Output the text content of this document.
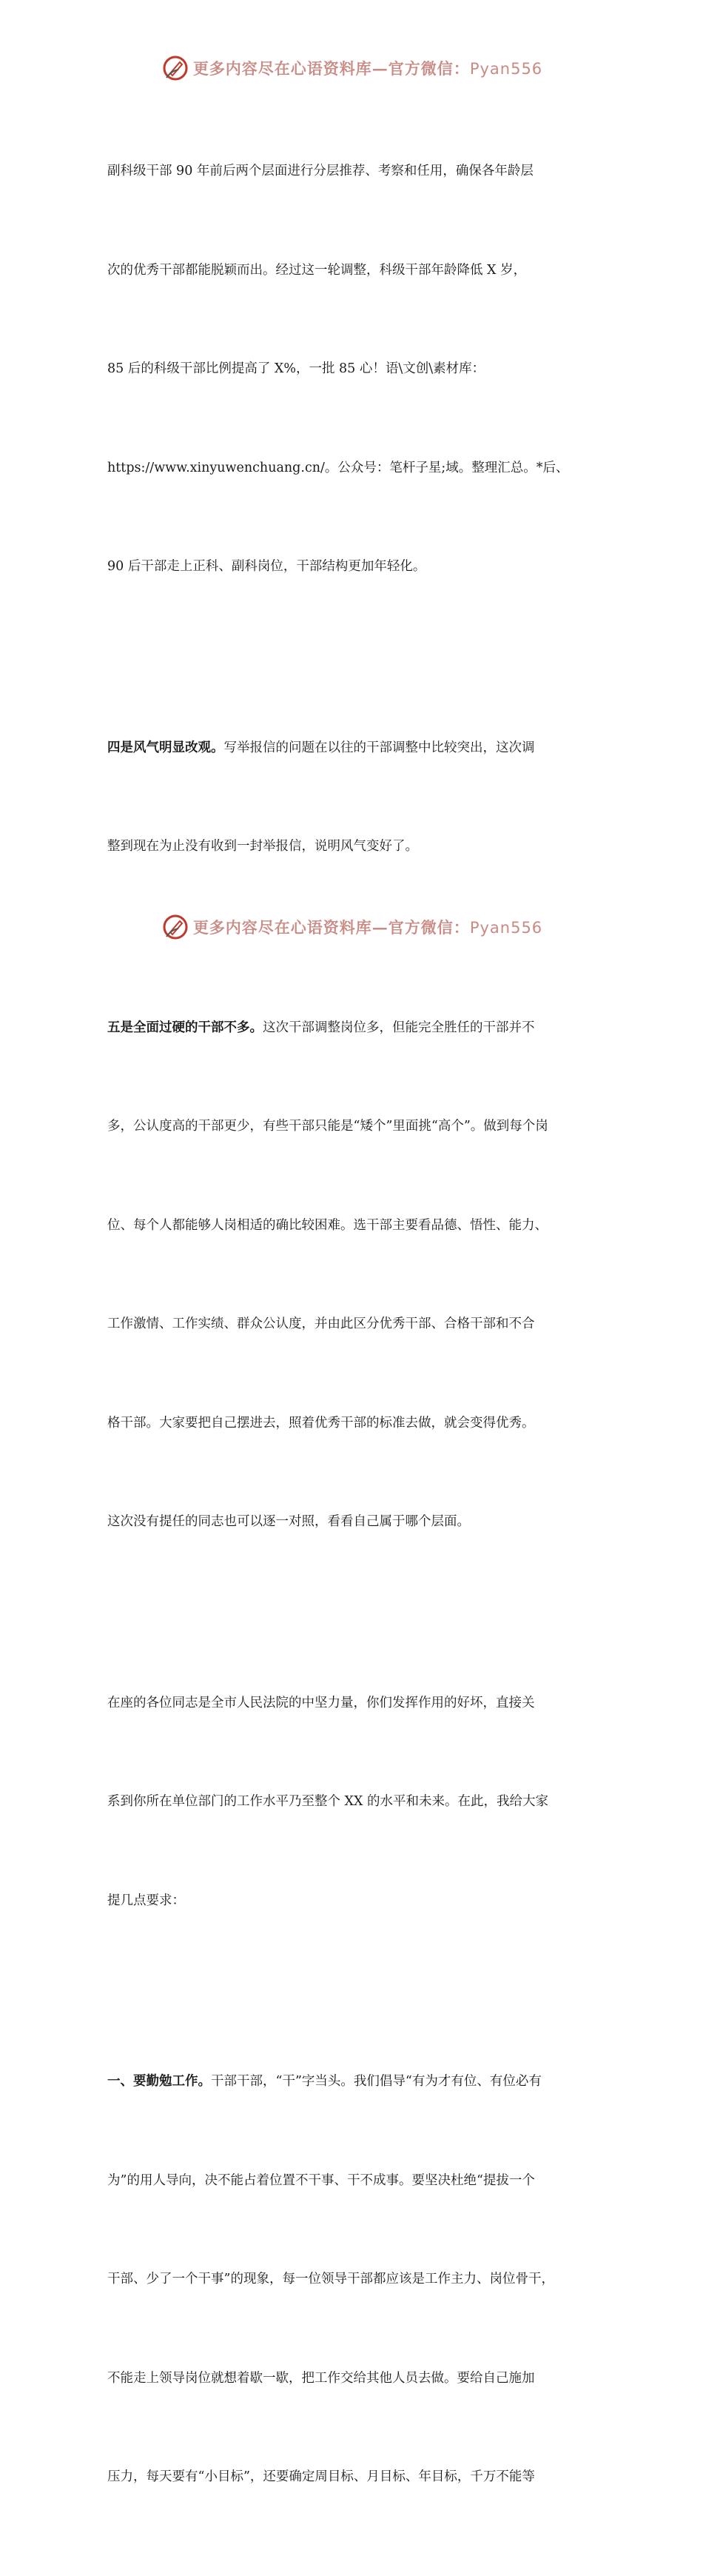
更多内容尽在心语资料库—官方微信：Pyan556

副科级干部 90 年前后两个层面进行分层推荐、考察和任用，确保各年龄层

次的优秀干部都能脱颖而出。经过这一轮调整，科级干部年龄降低 X 岁，

85 后的科级干部比例提高了 X%，一批 85 心！语\文创\素材库：

https://www.xinyuwenchuang.cn/。公众号：笔杆子星;域。整理汇总。*后、

90 后干部走上正科、副科岗位，干部结构更加年轻化。

四是风气明显改观。写举报信的问题在以往的干部调整中比较突出，这次调

整到现在为止没有收到一封举报信，说明风气变好了。

五是全面过硬的干部不多。这次干部调整岗位多，但能完全胜任的干部并不

多，公认度高的干部更少，有些干部只能是“矮个”里面挑“高个”。做到每个岗

位、每个人都能够人岗相适的确比较困难。选干部主要看品德、悟性、能力、

工作激情、工作实绩、群众公认度，并由此区分优秀干部、合格干部和不合

格干部。大家要把自己摆进去，照着优秀干部的标准去做，就会变得优秀。

这次没有提任的同志也可以逐一对照，看看自己属于哪个层面。

在座的各位同志是全市人民法院的中坚力量，你们发挥作用的好坏，直接关

系到你所在单位部门的工作水平乃至整个 XX 的水平和未来。在此，我给大家

提几点要求：

一、要勤勉工作。干部干部，“干”字当头。我们倡导“有为才有位、有位必有

为”的用人导向，决不能占着位置不干事、干不成事。要坚决杜绝“提拔一个

干部、少了一个干事”的现象，每一位领导干部都应该是工作主力、岗位骨干，

不能走上领导岗位就想着歇一歇，把工作交给其他人员去做。要给自己施加

压力，每天要有“小目标”，还要确定周目标、月目标、年目标，千万不能等

更多内容尽在心语资料库—官方微信：Pyan556
